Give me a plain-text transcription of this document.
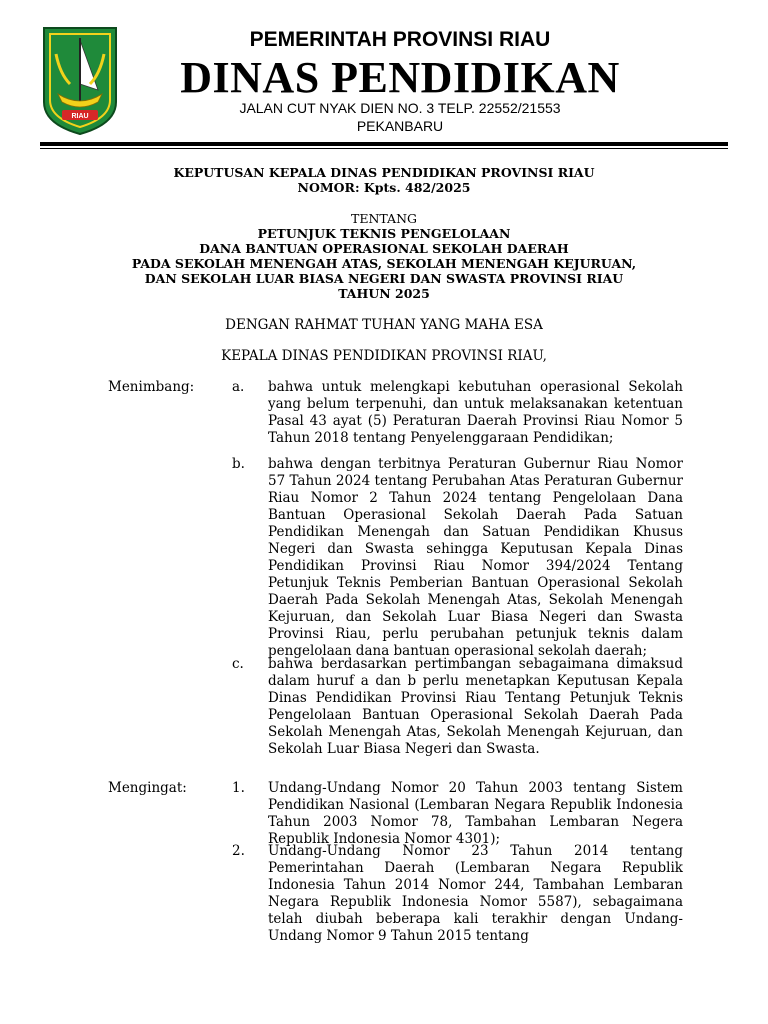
RIAU
PEMERINTAH PROVINSI RIAU
DINAS PENDIDIKAN
JALAN CUT NYAK DIEN NO. 3 TELP. 22552/21553
PEKANBARU
KEPUTUSAN KEPALA DINAS PENDIDIKAN PROVINSI RIAU
NOMOR: Kpts. 482/2025
TENTANG
PETUNJUK TEKNIS PENGELOLAAN
DANA BANTUAN OPERASIONAL SEKOLAH DAERAH
PADA SEKOLAH MENENGAH ATAS, SEKOLAH MENENGAH KEJURUAN,
DAN SEKOLAH LUAR BIASA NEGERI DAN SWASTA PROVINSI RIAU
TAHUN 2025
DENGAN RAHMAT TUHAN YANG MAHA ESA
KEPALA DINAS PENDIDIKAN PROVINSI RIAU,
Menimbang:	a. bahwa untuk melengkapi kebutuhan operasional Sekolah yang belum terpenuhi, dan untuk melaksanakan ketentuan Pasal 43 ayat (5) Peraturan Daerah Provinsi Riau Nomor 5 Tahun 2018 tentang Penyelenggaraan Pendidikan;
b. bahwa dengan terbitnya Peraturan Gubernur Riau Nomor 57 Tahun 2024 tentang Perubahan Atas Peraturan Gubernur Riau Nomor 2 Tahun 2024 tentang Pengelolaan Dana Bantuan Operasional Sekolah Daerah Pada Satuan Pendidikan Menengah dan Satuan Pendidikan Khusus Negeri dan Swasta sehingga Keputusan Kepala Dinas Pendidikan Provinsi Riau Nomor 394/2024 Tentang Petunjuk Teknis Pemberian Bantuan Operasional Sekolah Daerah Pada Sekolah Menengah Atas, Sekolah Menengah Kejuruan, dan Sekolah Luar Biasa Negeri dan Swasta Provinsi Riau, perlu perubahan petunjuk teknis dalam pengelolaan dana bantuan operasional sekolah daerah;
c. bahwa berdasarkan pertimbangan sebagaimana dimaksud dalam huruf a dan b perlu menetapkan Keputusan Kepala Dinas Pendidikan Provinsi Riau Tentang Petunjuk Teknis Pengelolaan Bantuan Operasional Sekolah Daerah Pada Sekolah Menengah Atas, Sekolah Menengah Kejuruan, dan Sekolah Luar Biasa Negeri dan Swasta.
Mengingat:	1. Undang-Undang Nomor 20 Tahun 2003 tentang Sistem Pendidikan Nasional (Lembaran Negara Republik Indonesia Tahun 2003 Nomor 78, Tambahan Lembaran Negera Republik Indonesia Nomor 4301);
2. Undang-Undang Nomor 23 Tahun 2014 tentang Pemerintahan Daerah (Lembaran Negara Republik Indonesia Tahun 2014 Nomor 244, Tambahan Lembaran Negara Republik Indonesia Nomor 5587), sebagaimana telah diubah beberapa kali terakhir dengan Undang-Undang Nomor 9 Tahun 2015 tentang
